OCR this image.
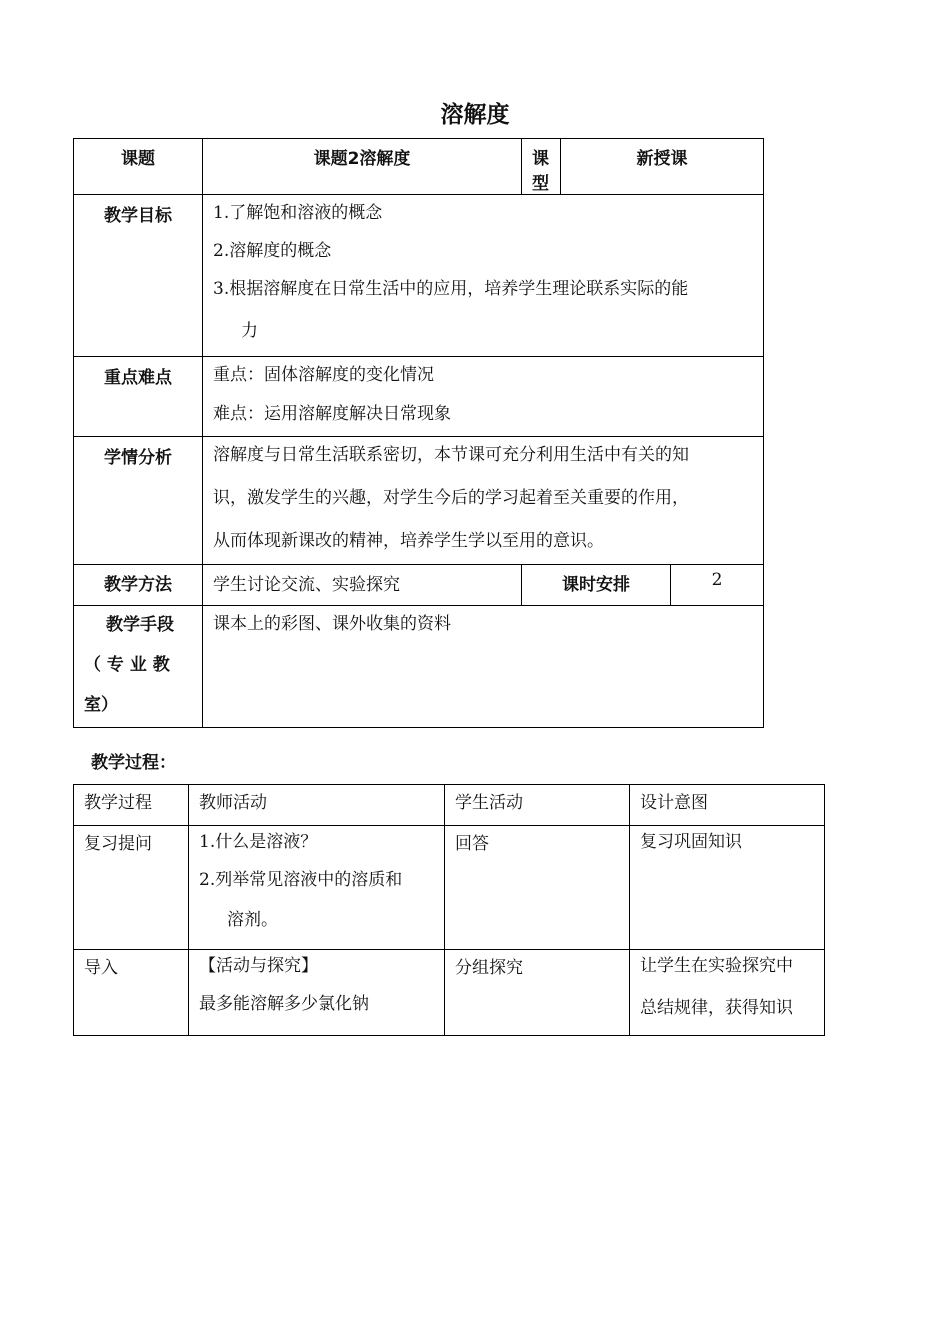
溶解度
课题	课题2溶解度	课型	新授课	
教学目标	1.了解饱和溶液的概念
2.溶解度的概念
3.根据溶解度在日常生活中的应用，培养学生理论联系实际的能
力			

重点难点	重点：固体溶解度的变化情况
难点：运用溶解度解决日常现象			

学情分析	溶解度与日常生活联系密切，本节课可充分利用生活中有关的知
识，激发学生的兴趣，对学生今后的学习起着至关重要的作用，
从而体现新课改的精神，培养学生学以至用的意识。			

教学方法	学生讨论交流、实验探究	课时安排		2

教学手段
（ 专 业 教
室）	课本上的彩图、课外收集的资料			
教学过程：
教学过程	教师活动	学生活动	设计意图
复习提问	1.什么是溶液？
2.列举常见溶液中的溶质和
溶剂。	回答	复习巩固知识

导入	【活动与探究】
最多能溶解多少氯化钠	分组探究	让学生在实验探究中
总结规律，获得知识
